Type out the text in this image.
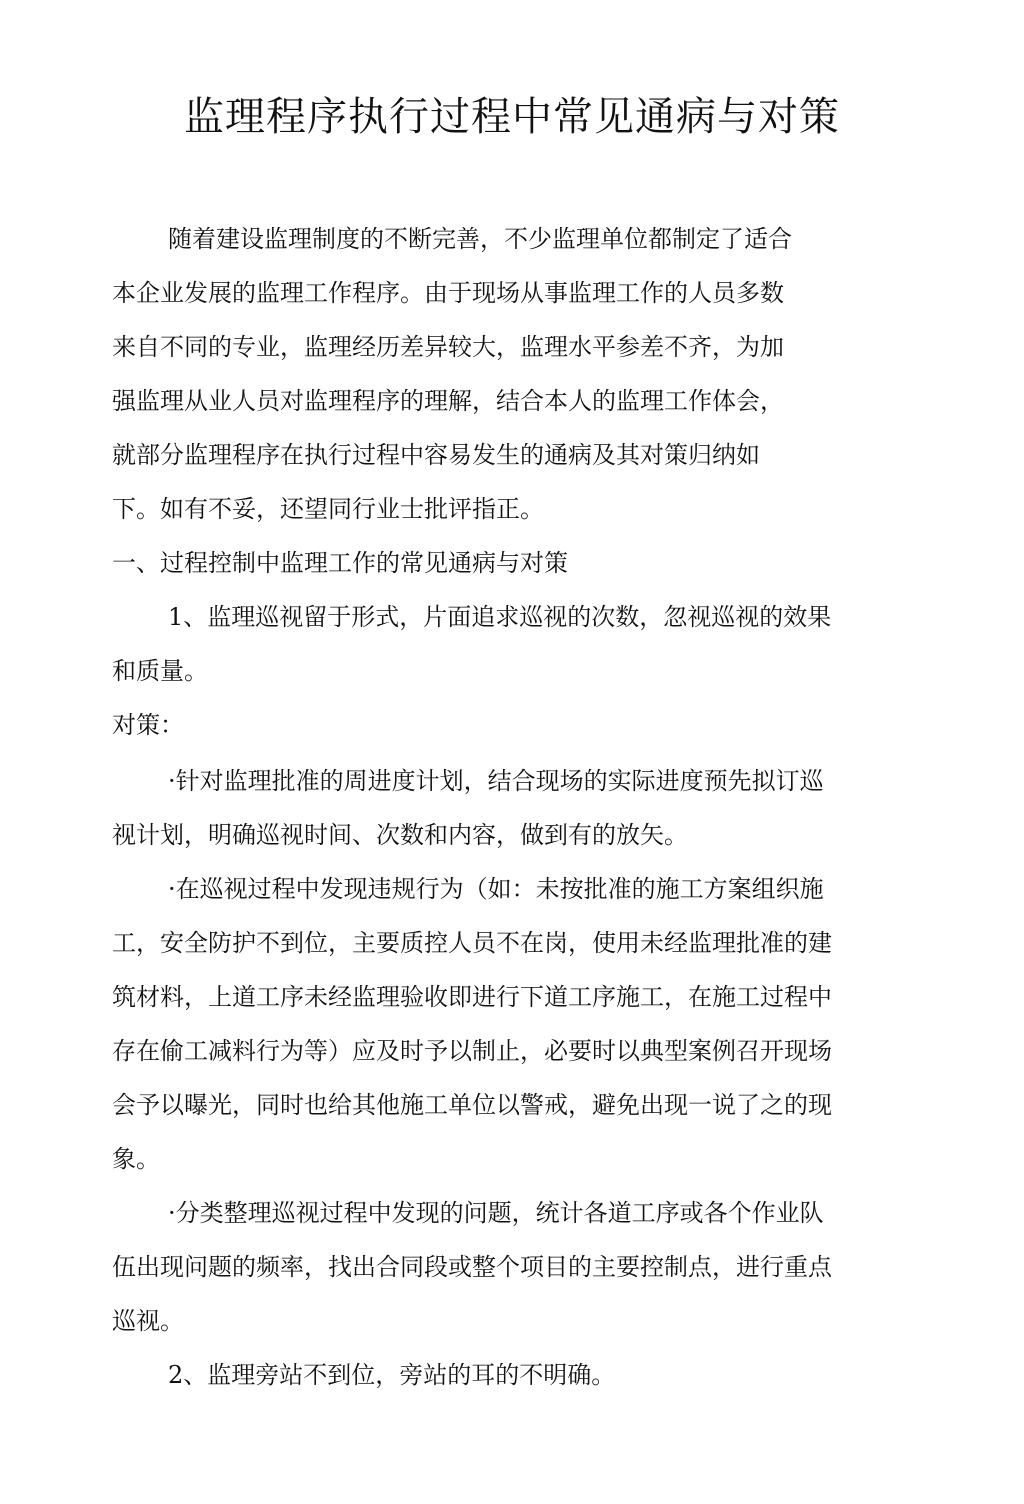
监理程序执行过程中常见通病与对策

随着建设监理制度的不断完善，不少监理单位都制定了适合

本企业发展的监理工作程序。由于现场从事监理工作的人员多数

来自不同的专业，监理经历差异较大，监理水平参差不齐，为加

强监理从业人员对监理程序的理解，结合本人的监理工作体会，

就部分监理程序在执行过程中容易发生的通病及其对策归纳如

下。如有不妥，还望同行业士批评指正。

一、过程控制中监理工作的常见通病与对策

1、监理巡视留于形式，片面追求巡视的次数，忽视巡视的效果

和质量。

对策：

·针对监理批准的周进度计划，结合现场的实际进度预先拟订巡

视计划，明确巡视时间、次数和内容，做到有的放矢。

·在巡视过程中发现违规行为（如：未按批准的施工方案组织施

工，安全防护不到位，主要质控人员不在岗，使用未经监理批准的建

筑材料，上道工序未经监理验收即进行下道工序施工，在施工过程中

存在偷工减料行为等）应及时予以制止，必要时以典型案例召开现场

会予以曝光，同时也给其他施工单位以警戒，避免出现一说了之的现

象。

·分类整理巡视过程中发现的问题，统计各道工序或各个作业队

伍出现问题的频率，找出合同段或整个项目的主要控制点，进行重点

巡视。

2、监理旁站不到位，旁站的耳的不明确。
